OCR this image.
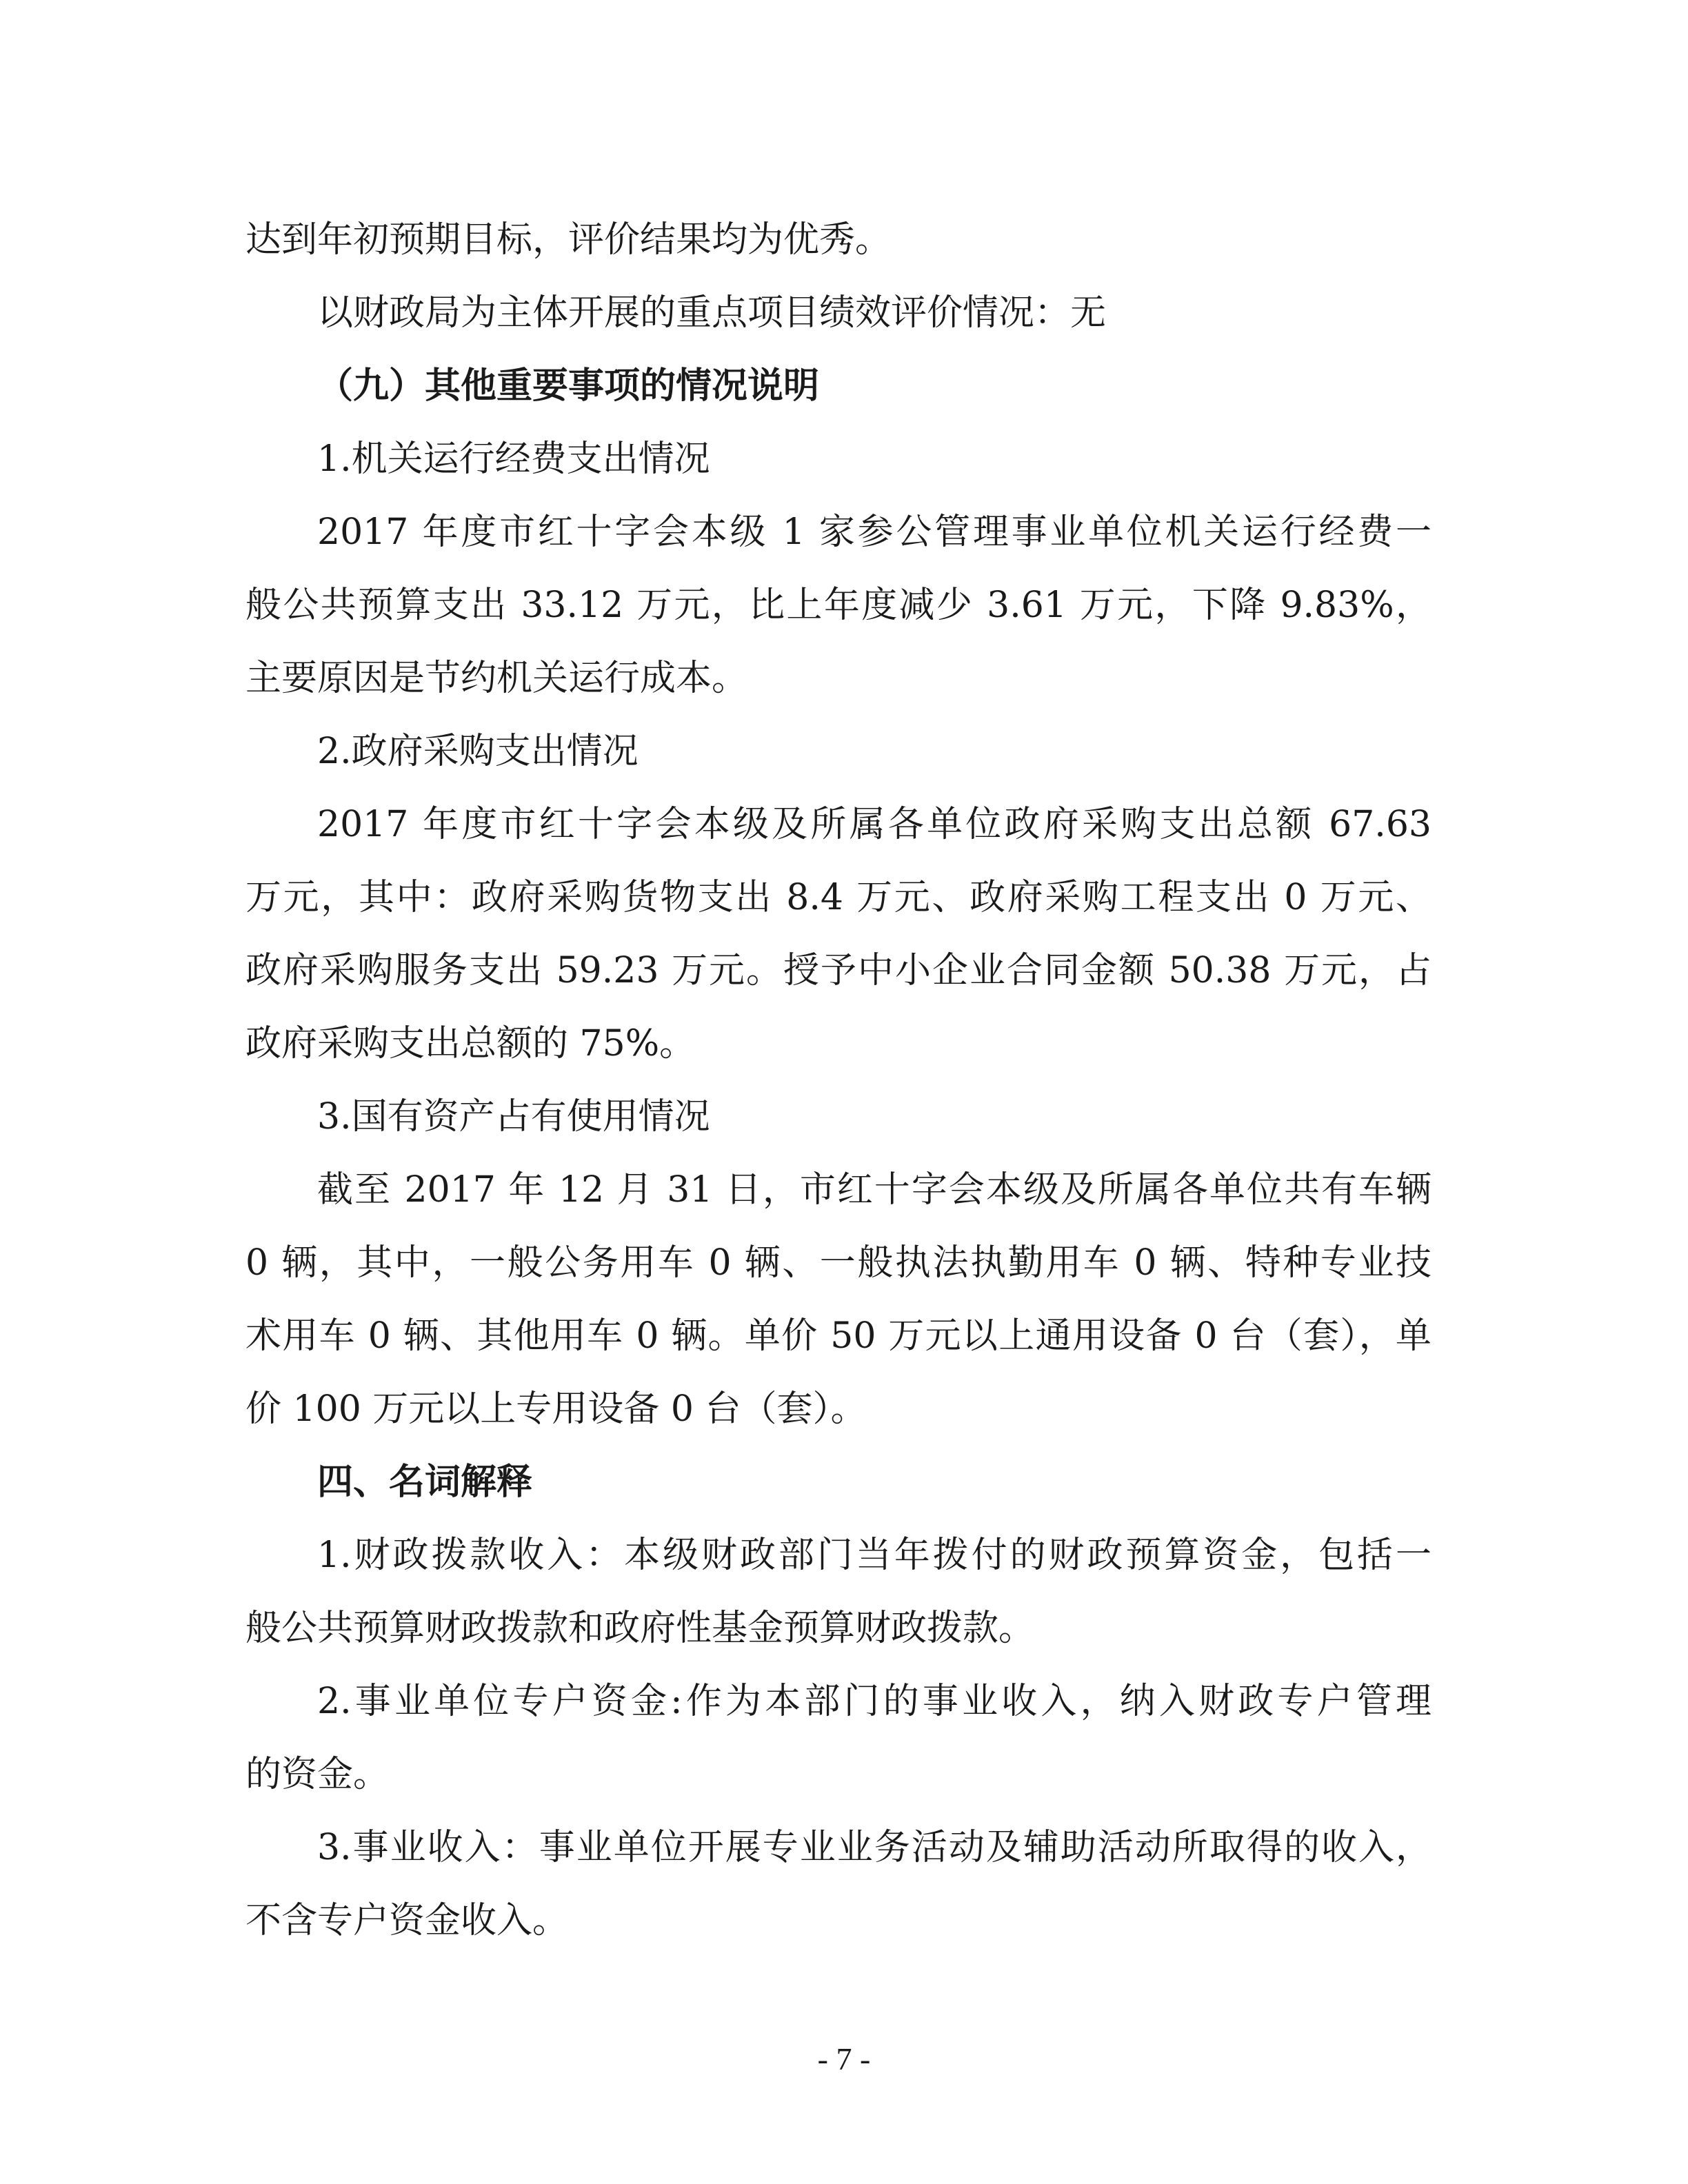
达到年初预期目标，评价结果均为优秀。
以财政局为主体开展的重点项目绩效评价情况：无
（九）其他重要事项的情况说明
1.机关运行经费支出情况
2017 年度市红十字会本级 1 家参公管理事业单位机关运行经费一
般公共预算支出 33.12 万元，比上年度减少 3.61 万元，下降 9.83%，
主要原因是节约机关运行成本。
2.政府采购支出情况
2017 年度市红十字会本级及所属各单位政府采购支出总额 67.63
万元，其中：政府采购货物支出 8.4 万元、政府采购工程支出 0 万元、
政府采购服务支出 59.23 万元。授予中小企业合同金额 50.38 万元，占
政府采购支出总额的 75%。
3.国有资产占有使用情况
截至 2017 年 12 月 31 日，市红十字会本级及所属各单位共有车辆
0 辆，其中，一般公务用车 0 辆、一般执法执勤用车 0 辆、特种专业技
术用车 0 辆、其他用车 0 辆。单价 50 万元以上通用设备 0 台（套），单
价 100 万元以上专用设备 0 台（套）。
四、名词解释
1.财政拨款收入：本级财政部门当年拨付的财政预算资金，包括一
般公共预算财政拨款和政府性基金预算财政拨款。
2.事业单位专户资金:作为本部门的事业收入，纳入财政专户管理
的资金。
3.事业收入：事业单位开展专业业务活动及辅助活动所取得的收入，
不含专户资金收入。
- 7 -
